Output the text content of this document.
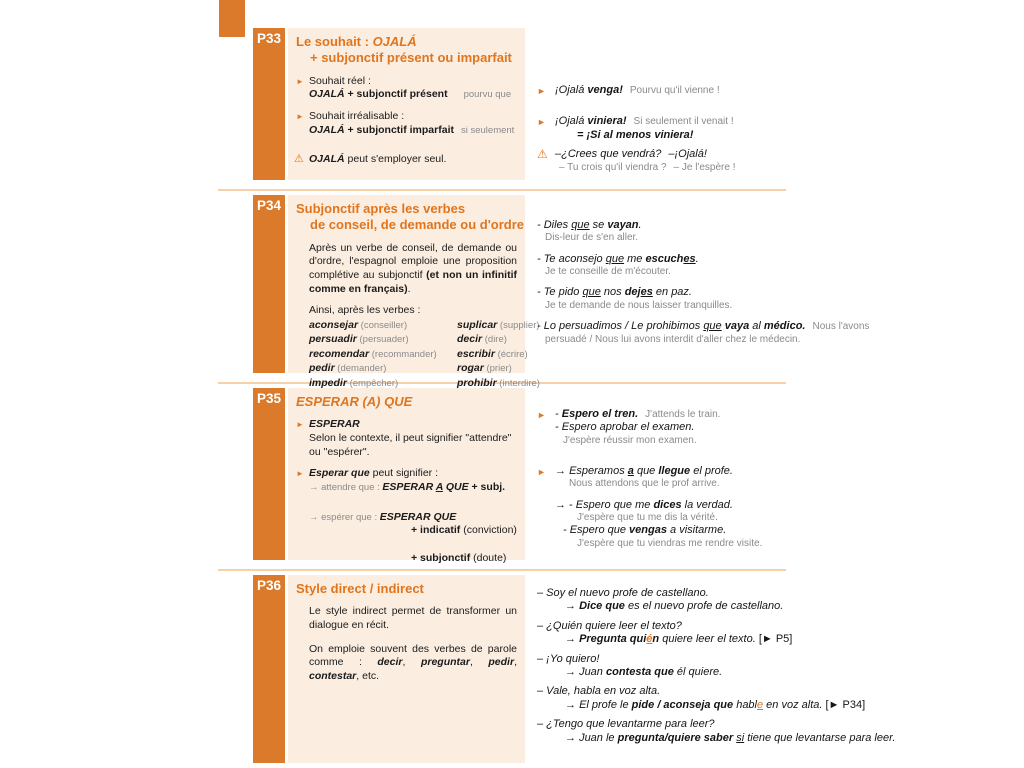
P33	Le souhait : OJALÁ
+ subjonctif présent ou imparfait
► Souhait réel :
OJALÁ + subjonctif présent pourvu que
► Souhait irréalisable :
OJALÁ + subjonctif imparfait si seulement
⚠ OJALÁ peut s'employer seul.
► ¡Ojalá venga! Pourvu qu'il vienne !
► ¡Ojalá viniera! Si seulement il venait !
= ¡Si al menos viniera!
⚠ –¿Crees que vendrá? –¡Ojalá!
– Tu crois qu'il viendra ? – Je l'espère !
P34	Subjonctif après les verbes
de conseil, de demande ou d'ordre
Après un verbe de conseil, de demande ou d'ordre, l'espagnol emploie une proposition complétive au subjonctif (et non un infinitif comme en français).
Ainsi, après les verbes :
aconsejar (conseiller)	suplicar (supplier)
persuadir (persuader)	decir (dire)
recomendar (recommander)	escribir (écrire)
pedir (demander)	rogar (prier)
impedir (empêcher)	prohibir (interdire)
- Diles que se vayan.
Dis-leur de s'en aller.
- Te aconsejo que me escuches.
Je te conseille de m'écouter.
- Te pido que nos dejes en paz.
Je te demande de nous laisser tranquilles.
- Lo persuadimos / Le prohibimos que vaya al médico. Nous l'avons persuadé / Nous lui avons interdit d'aller chez le médecin.
P35	ESPERAR (A) QUE
► ESPERAR
Selon le contexte, il peut signifier "attendre" ou "espérer".
► Esperar que peut signifier :
→ attendre que : ESPERAR A QUE + subj.
→ espérer que : ESPERAR QUE
+ indicatif (conviction)
+ subjonctif (doute)
► - Espero el tren. J'attends le train.
- Espero aprobar el examen.
J'espère réussir mon examen.
► → Esperamos a que llegue el profe.
Nous attendons que le prof arrive.
→ - Espero que me dices la verdad.
J'espère que tu me dis la vérité.
- Espero que vengas a visitarme.
J'espère que tu viendras me rendre visite.
P36	Style direct / indirect
Le style indirect permet de transformer un dialogue en récit.
On emploie souvent des verbes de parole comme : decir, preguntar, pedir, contestar, etc.
– Soy el nuevo profe de castellano.
→ Dice que es el nuevo profe de castellano.
– ¿Quién quiere leer el texto?
→ Pregunta quién quiere leer el texto. [► P5]
– ¡Yo quiero!
→ Juan contesta que él quiere.
– Vale, habla en voz alta.
→ El profe le pide / aconseja que hable en voz alta. [► P34]
– ¿Tengo que levantarme para leer?
→ Juan le pregunta/quiere saber si tiene que levantarse para leer.
